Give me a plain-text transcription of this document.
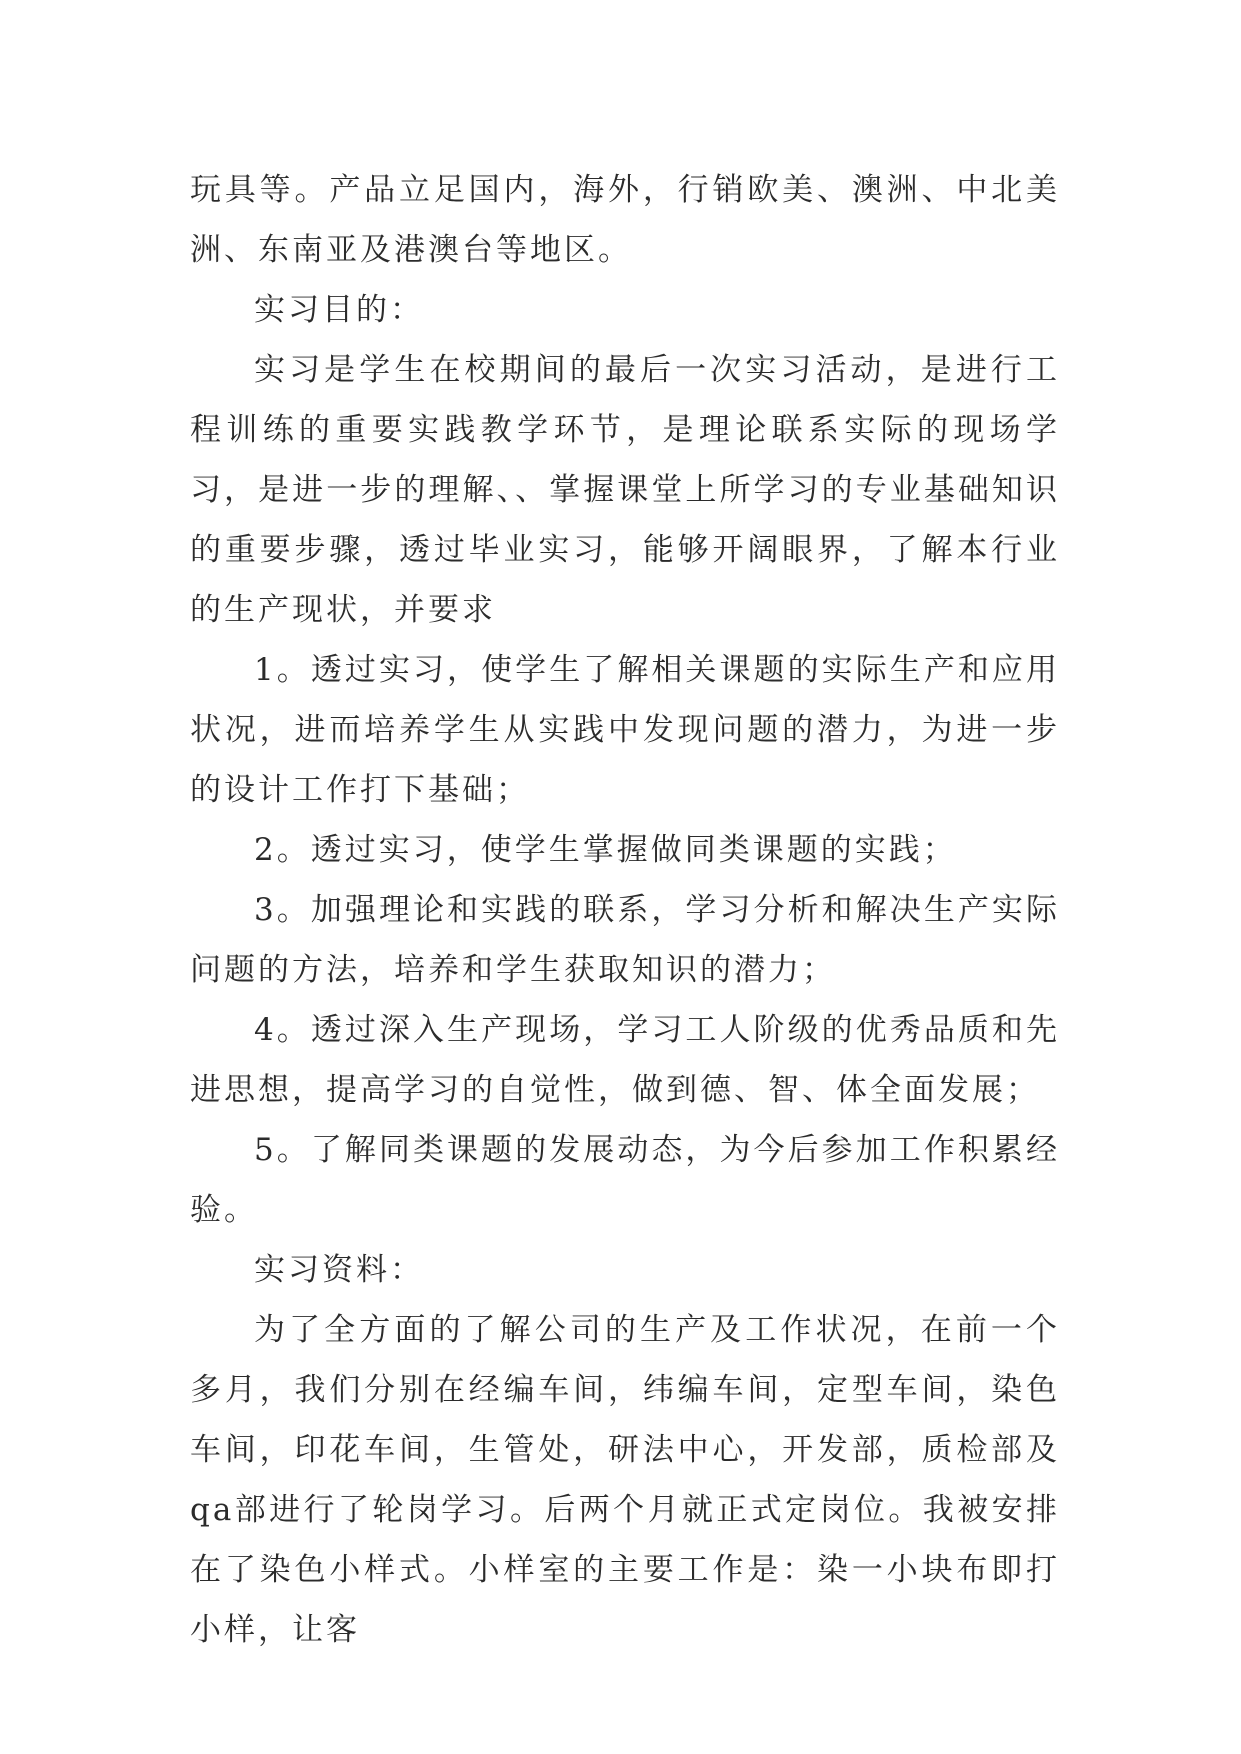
玩具等。产品立足国内，海外，行销欧美、澳洲、中北美洲、东南亚及港澳台等地区。

实习目的：

实习是学生在校期间的最后一次实习活动，是进行工程训练的重要实践教学环节，是理论联系实际的现场学习，是进一步的理解、、掌握课堂上所学习的专业基础知识的重要步骤，透过毕业实习，能够开阔眼界，了解本行业的生产现状，并要求

1。透过实习，使学生了解相关课题的实际生产和应用状况，进而培养学生从实践中发现问题的潜力，为进一步的设计工作打下基础；

2。透过实习，使学生掌握做同类课题的实践；

3。加强理论和实践的联系，学习分析和解决生产实际问题的方法，培养和学生获取知识的潜力；

4。透过深入生产现场，学习工人阶级的优秀品质和先进思想，提高学习的自觉性，做到德、智、体全面发展；

5。了解同类课题的发展动态，为今后参加工作积累经验。

实习资料：

为了全方面的了解公司的生产及工作状况，在前一个多月，我们分别在经编车间，纬编车间，定型车间，染色车间，印花车间，生管处，研法中心，开发部，质检部及qa部进行了轮岗学习。后两个月就正式定岗位。我被安排在了染色小样式。小样室的主要工作是：染一小块布即打小样，让客
